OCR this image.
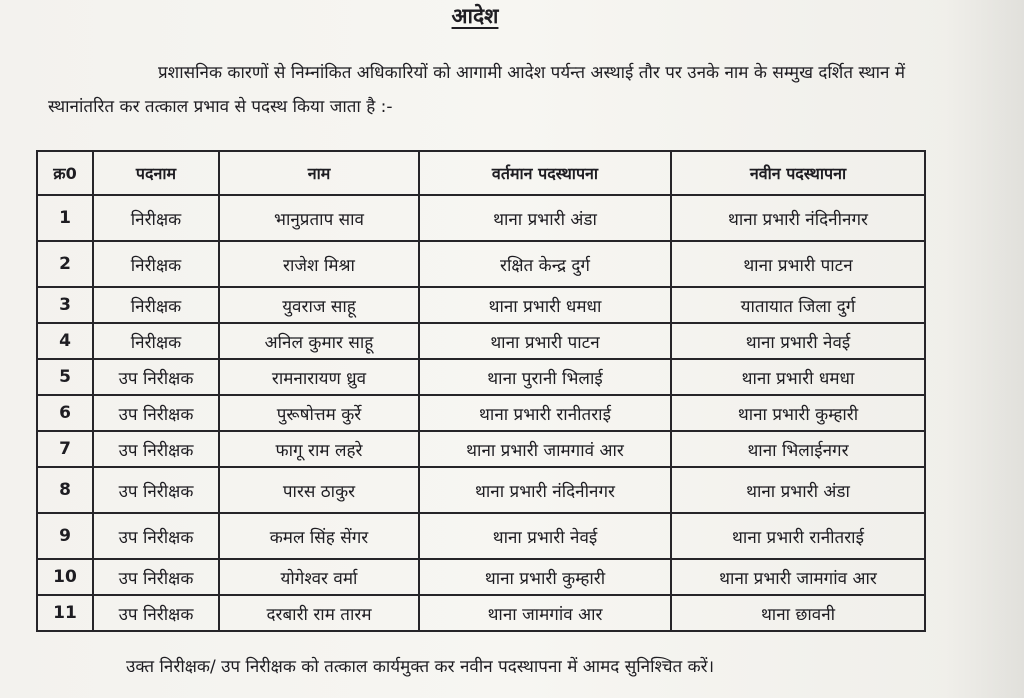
आदेश
प्रशासनिक कारणों से निम्नांकित अधिकारियों को आगामी आदेश पर्यन्त अस्थाई तौर पर उनके नाम के सम्मुख दर्शित स्थान में स्थानांतरित कर तत्काल प्रभाव से पदस्थ किया जाता है :-
क्र0	पदनाम	नाम	वर्तमान पदस्थापना	नवीन पदस्थापना
1	निरीक्षक	भानुप्रताप साव	थाना प्रभारी अंडा	थाना प्रभारी नंदिनीनगर
2	निरीक्षक	राजेश मिश्रा	रक्षित केन्द्र दुर्ग	थाना प्रभारी पाटन
3	निरीक्षक	युवराज साहू	थाना प्रभारी धमधा	यातायात जिला दुर्ग
4	निरीक्षक	अनिल कुमार साहू	थाना प्रभारी पाटन	थाना प्रभारी नेवई
5	उप निरीक्षक	रामनारायण ध्रुव	थाना पुरानी भिलाई	थाना प्रभारी धमधा
6	उप निरीक्षक	पुरूषोत्तम कुर्रे	थाना प्रभारी रानीतराई	थाना प्रभारी कुम्हारी
7	उप निरीक्षक	फागू राम लहरे	थाना प्रभारी जामगावं आर	थाना भिलाईनगर
8	उप निरीक्षक	पारस ठाकुर	थाना प्रभारी नंदिनीनगर	थाना प्रभारी अंडा
9	उप निरीक्षक	कमल सिंह सेंगर	थाना प्रभारी नेवई	थाना प्रभारी रानीतराई
10	उप निरीक्षक	योगेश्वर वर्मा	थाना प्रभारी कुम्हारी	थाना प्रभारी जामगांव आर
11	उप निरीक्षक	दरबारी राम तारम	थाना जामगांव आर	थाना छावनी
उक्त निरीक्षक/ उप निरीक्षक को तत्काल कार्यमुक्त कर नवीन पदस्थापना में आमद सुनिश्चित करें।
